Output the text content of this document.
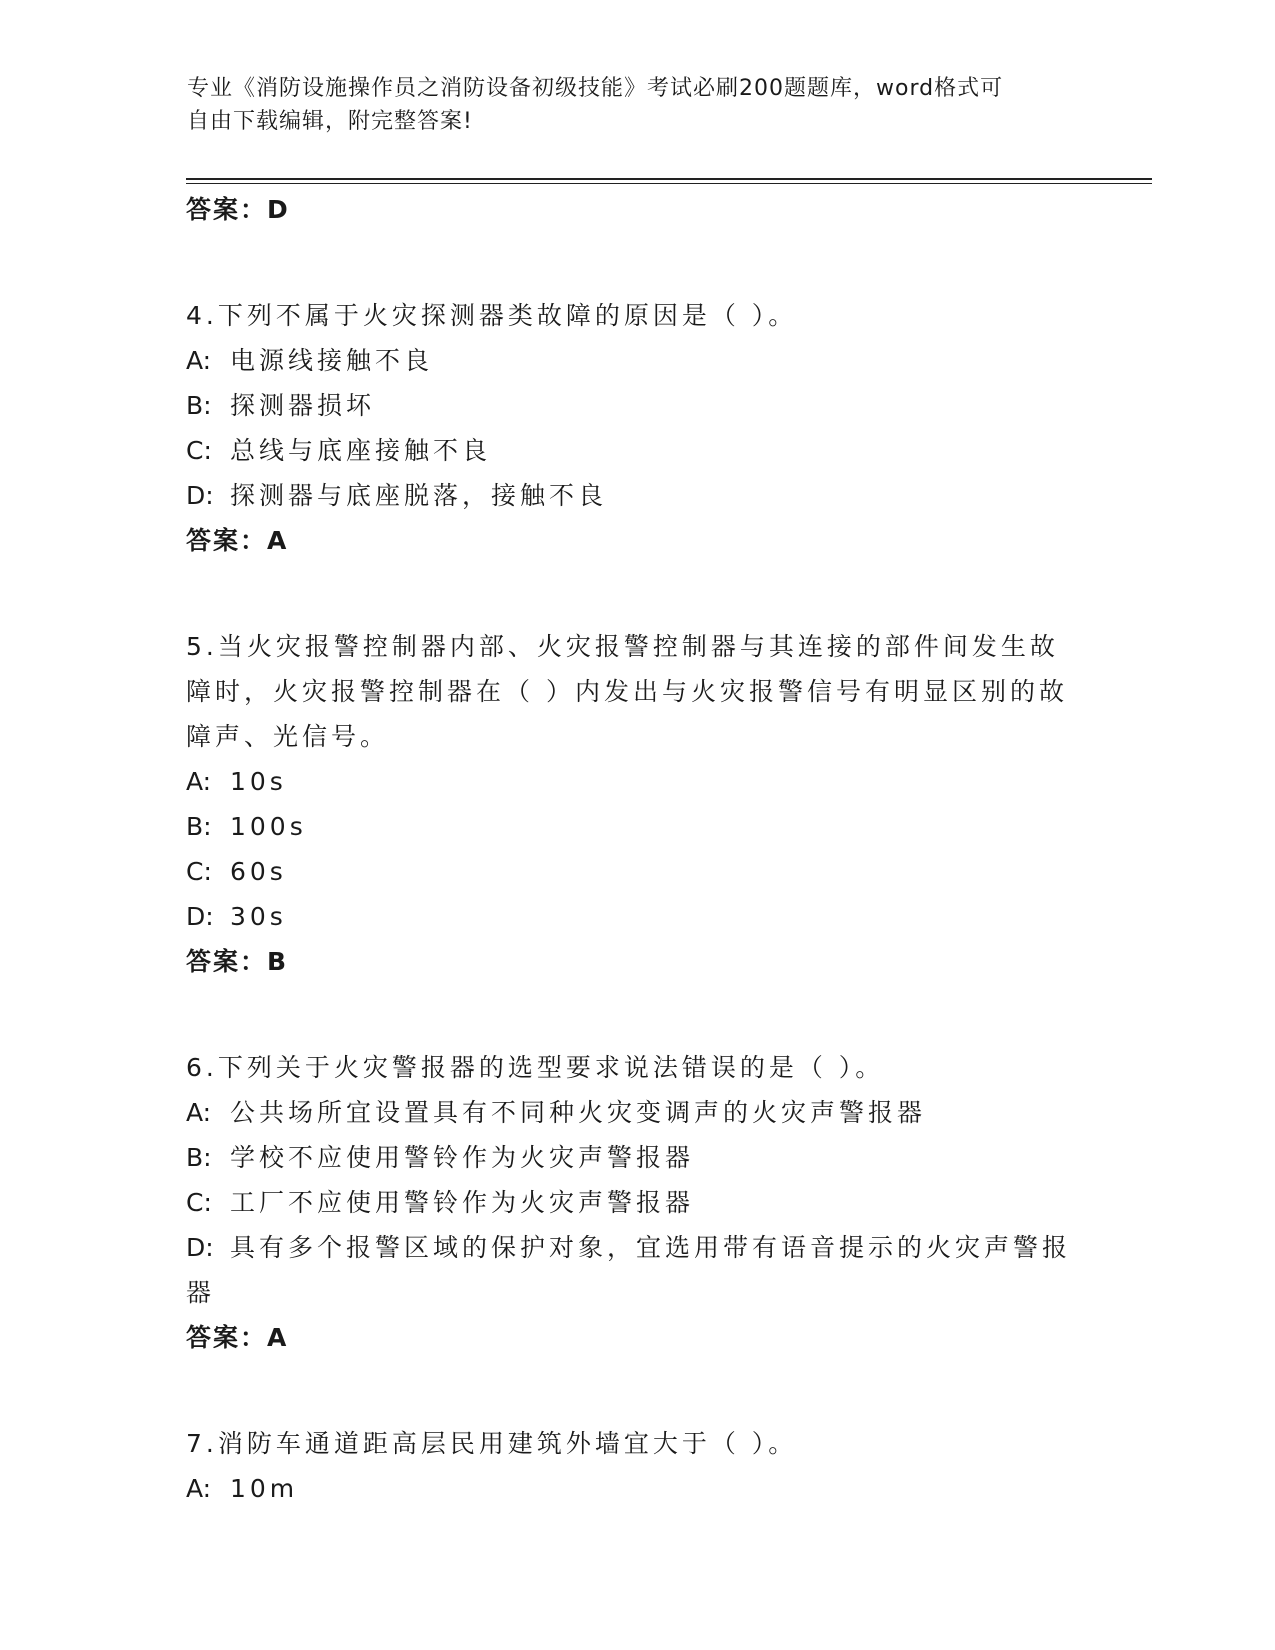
专业《消防设施操作员之消防设备初级技能》考试必刷200题题库，word格式可
自由下载编辑，附完整答案!
答案：D
4.下列不属于火灾探测器类故障的原因是（ ）。
A: 电源线接触不良
B: 探测器损坏
C: 总线与底座接触不良
D: 探测器与底座脱落，接触不良
答案：A
5.当火灾报警控制器内部、火灾报警控制器与其连接的部件间发生故障时，火灾报警控制器在（ ）内发出与火灾报警信号有明显区别的故障声、光信号。
A: 10s
B: 100s
C: 60s
D: 30s
答案：B
6.下列关于火灾警报器的选型要求说法错误的是（ ）。
A: 公共场所宜设置具有不同种火灾变调声的火灾声警报器
B: 学校不应使用警铃作为火灾声警报器
C: 工厂不应使用警铃作为火灾声警报器
D: 具有多个报警区域的保护对象，宜选用带有语音提示的火灾声警报器
答案：A
7.消防车通道距高层民用建筑外墙宜大于（ ）。
A: 10m
